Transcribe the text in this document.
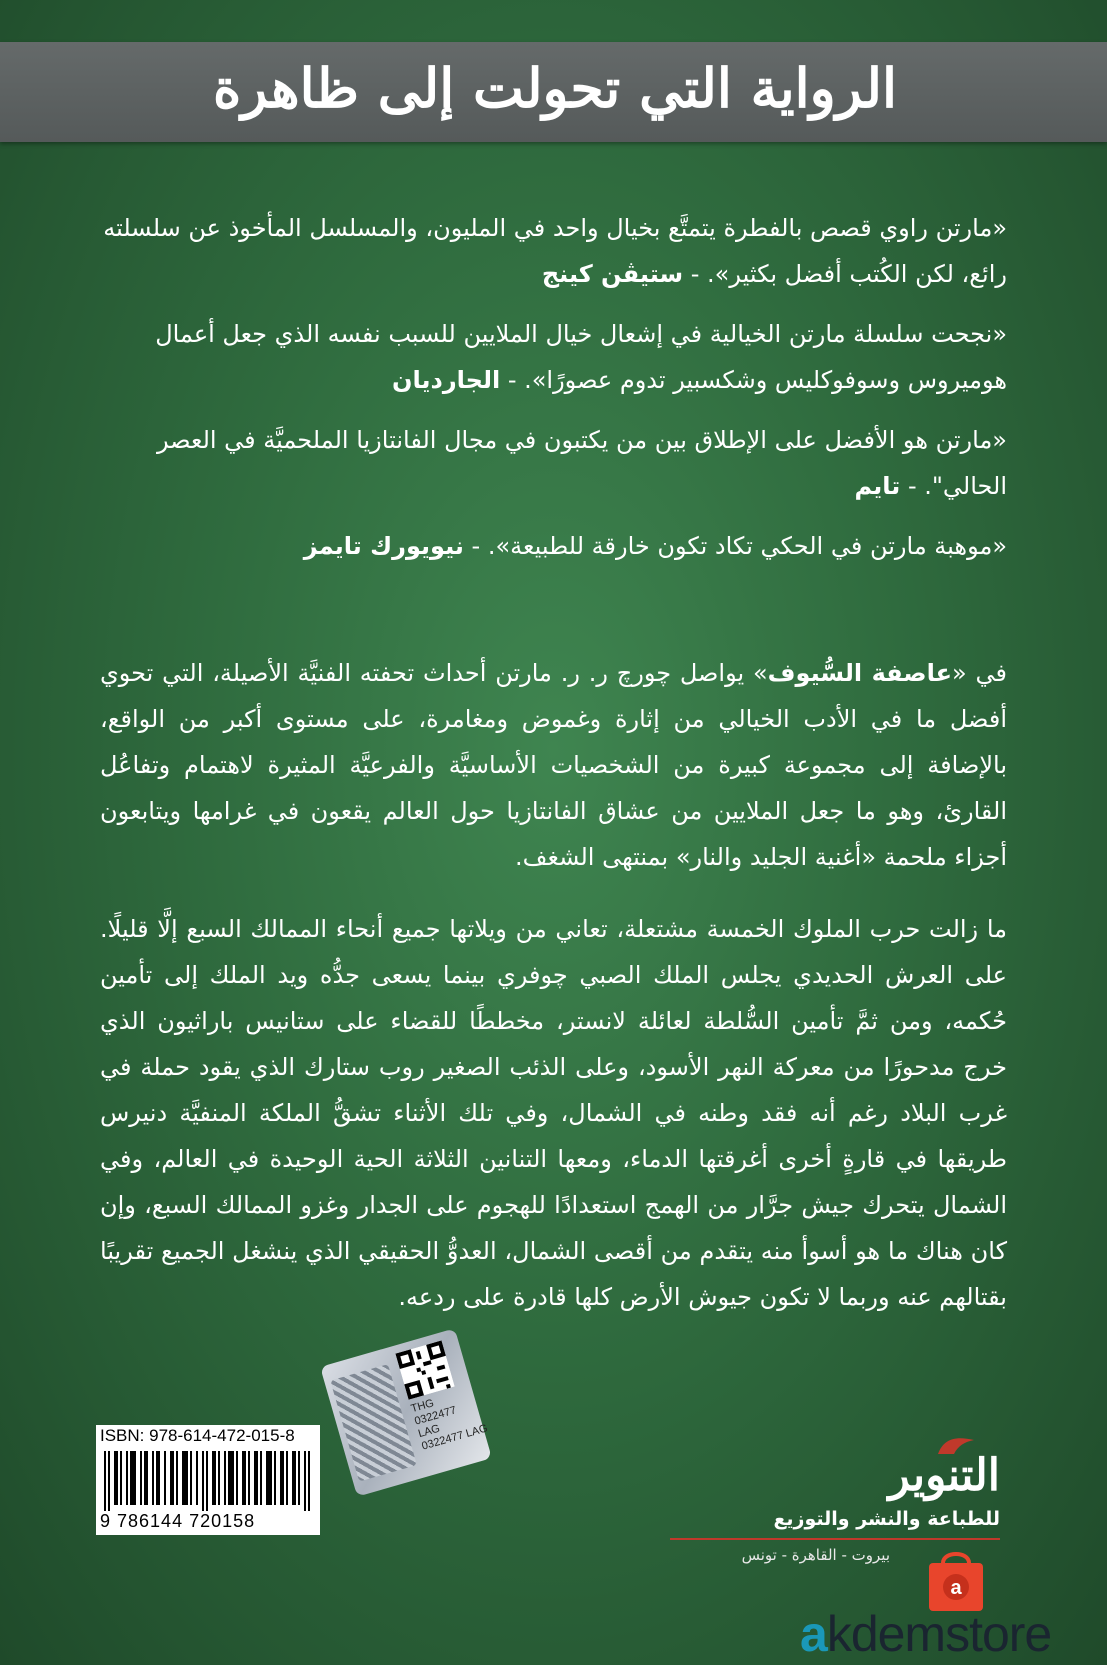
الرواية التي تحولت إلى ظاهرة

«مارتن راوي قصص بالفطرة يتمتَّع بخيال واحد في المليون، والمسلسل المأخوذ عن سلسلته رائع، لكن الكُتب أفضل بكثير». - ستيڤن كينج

«نجحت سلسلة مارتن الخيالية في إشعال خيال الملايين للسبب نفسه الذي جعل أعمال هوميروس وسوفوكليس وشكسبير تدوم عصورًا». - الجارديان

«مارتن هو الأفضل على الإطلاق بين من يكتبون في مجال الفانتازيا الملحميَّة في العصر الحالي". - تايم

«موهبة مارتن في الحكي تكاد تكون خارقة للطبيعة». - نيويورك تايمز

في «عاصفة السُّيوف» يواصل چورچ ر. ر. مارتن أحداث تحفته الفنيَّة الأصيلة، التي تحوي أفضل ما في الأدب الخيالي من إثارة وغموض ومغامرة، على مستوى أكبر من الواقع، بالإضافة إلى مجموعة كبيرة من الشخصيات الأساسيَّة والفرعيَّة المثيرة لاهتمام وتفاعُل القارئ، وهو ما جعل الملايين من عشاق الفانتازيا حول العالم يقعون في غرامها ويتابعون أجزاء ملحمة «أغنية الجليد والنار» بمنتهى الشغف.

ما زالت حرب الملوك الخمسة مشتعلة، تعاني من ويلاتها جميع أنحاء الممالك السبع إلَّا قليلًا. على العرش الحديدي يجلس الملك الصبي چوفري بينما يسعى جدُّه ويد الملك إلى تأمين حُكمه، ومن ثمَّ تأمين السُّلطة لعائلة لانستر، مخططًا للقضاء على ستانيس باراثيون الذي خرج مدحورًا من معركة النهر الأسود، وعلى الذئب الصغير روب ستارك الذي يقود حملة في غرب البلاد رغم أنه فقد وطنه في الشمال، وفي تلك الأثناء تشقُّ الملكة المنفيَّة دنيرس طريقها في قارةٍ أخرى أغرقتها الدماء، ومعها التنانين الثلاثة الحية الوحيدة في العالم، وفي الشمال يتحرك جيش جرَّار من الهمج استعدادًا للهجوم على الجدار وغزو الممالك السبع، وإن كان هناك ما هو أسوأ منه يتقدم من أقصى الشمال، العدوُّ الحقيقي الذي ينشغل الجميع تقريبًا بقتالهم عنه وربما لا تكون جيوش الأرض كلها قادرة على ردعه.

THG
0322477
LAG
0322477 LAG
ISBN: 978-614-472-015-8
9 786144 720158
التنوير
للطباعة والنشر والتوزيع
بيروت - القاهرة - تونس
a
akdemstore
